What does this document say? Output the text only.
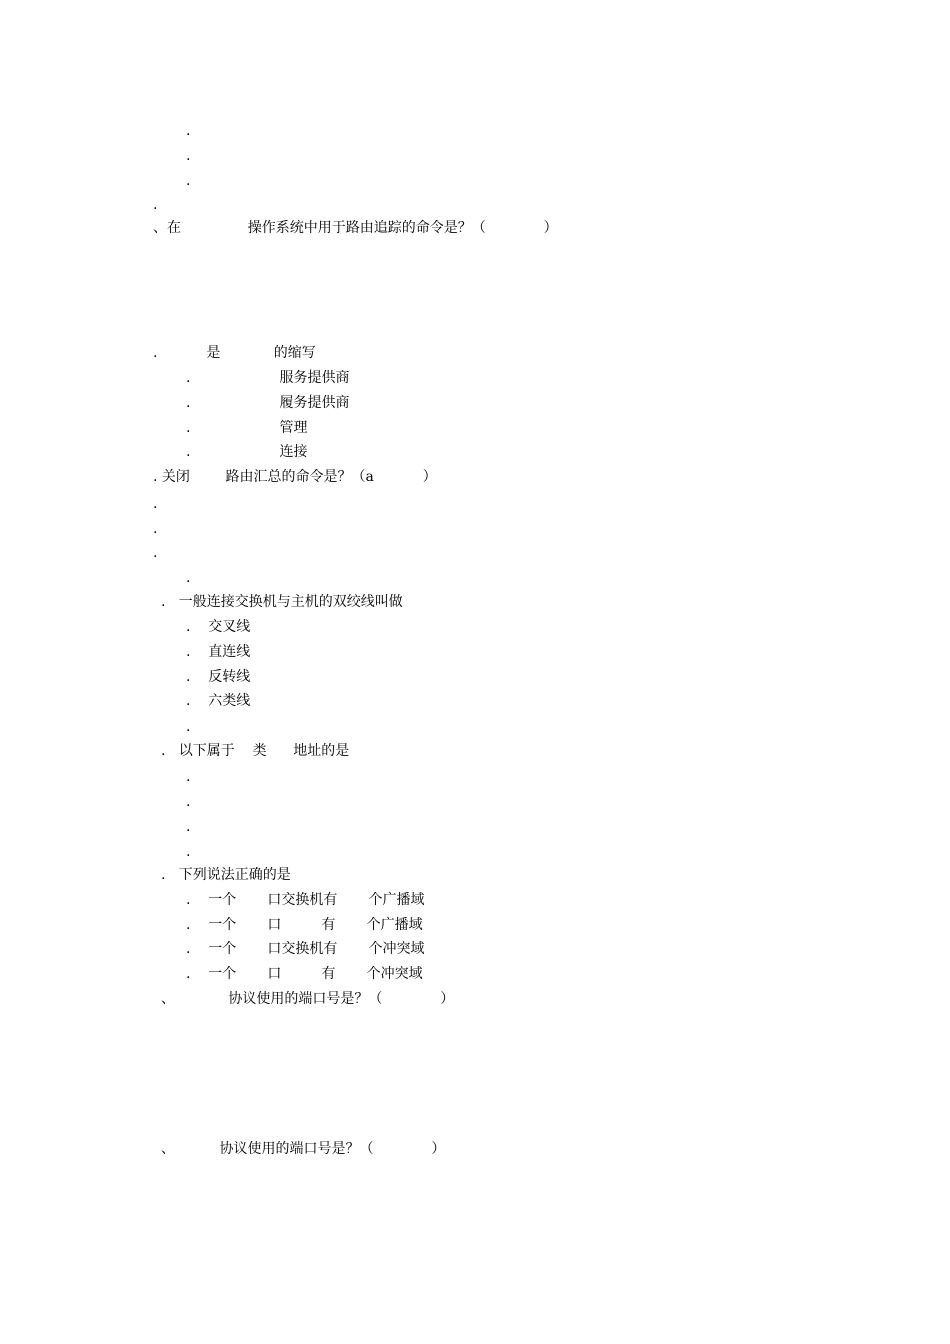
.
.
.
.
、在               操作系统中用于路由追踪的命令是？（             ）
.           是            的缩写
.                    服务提供商
.                    履务提供商
.                    管理
.                    连接
. 关闭        路由汇总的命令是？（a           ）
.
.
.
.
.   一般连接交换机与主机的双绞线叫做
.    交叉线
.    直连线
.    反转线
.    六类线
.
.   以下属于    类      地址的是
.
.
.
.
.   下列说法正确的是
.    一个       口交换机有       个广播域
.    一个       口         有       个广播域
.    一个       口交换机有       个冲突域
.    一个       口         有       个冲突域
、            协议使用的端口号是？（             ）
、          协议使用的端口号是？（             ）
